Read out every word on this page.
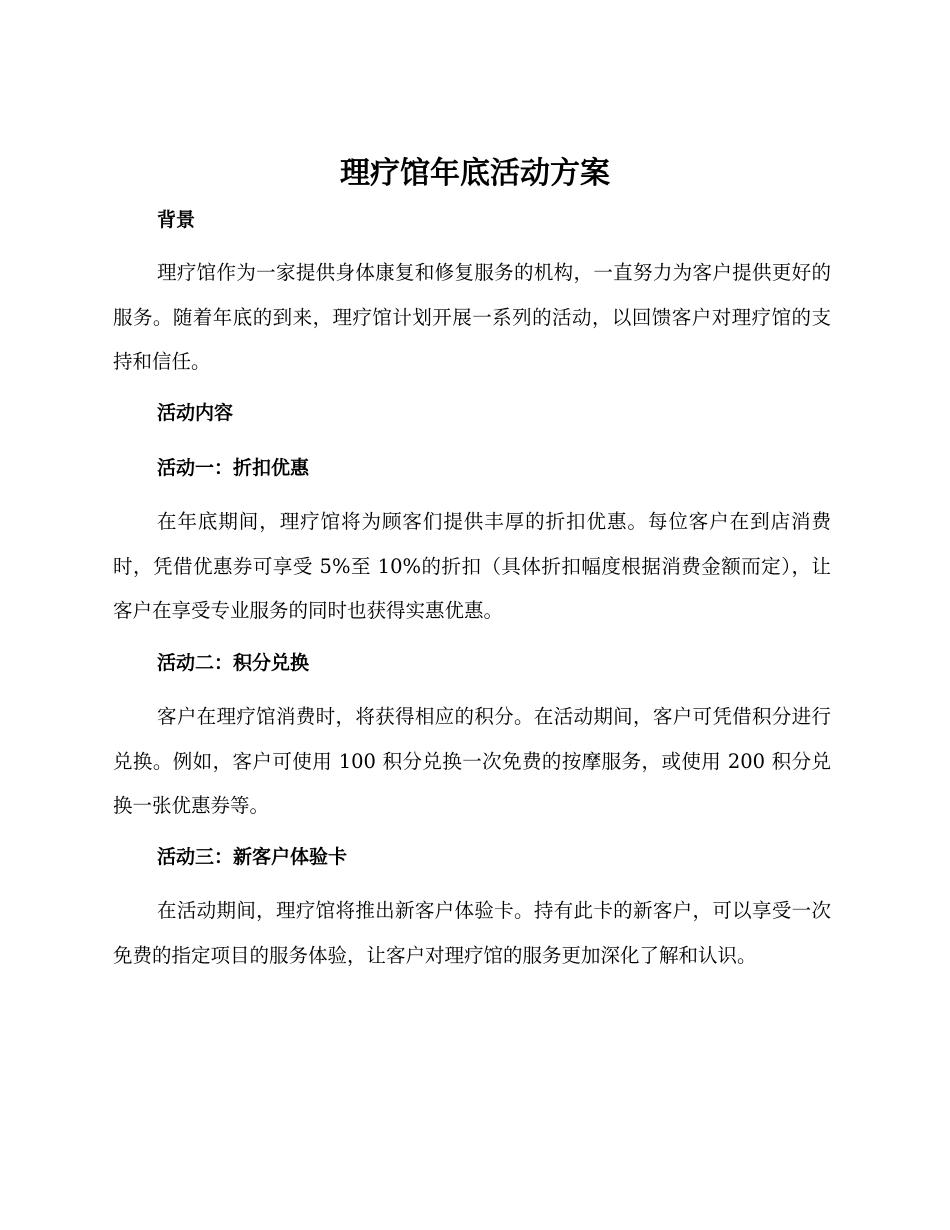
理疗馆年底活动方案
背景

理疗馆作为一家提供身体康复和修复服务的机构，一直努力为客户提供更好的服务。随着年底的到来，理疗馆计划开展一系列的活动，以回馈客户对理疗馆的支持和信任。

活动内容
活动一：折扣优惠

在年底期间，理疗馆将为顾客们提供丰厚的折扣优惠。每位客户在到店消费时，凭借优惠券可享受 5%至 10%的折扣（具体折扣幅度根据消费金额而定），让客户在享受专业服务的同时也获得实惠优惠。

活动二：积分兑换

客户在理疗馆消费时，将获得相应的积分。在活动期间，客户可凭借积分进行兑换。例如，客户可使用 100 积分兑换一次免费的按摩服务，或使用 200 积分兑换一张优惠券等。

活动三：新客户体验卡

在活动期间，理疗馆将推出新客户体验卡。持有此卡的新客户，可以享受一次免费的指定项目的服务体验，让客户对理疗馆的服务更加深化了解和认识。
